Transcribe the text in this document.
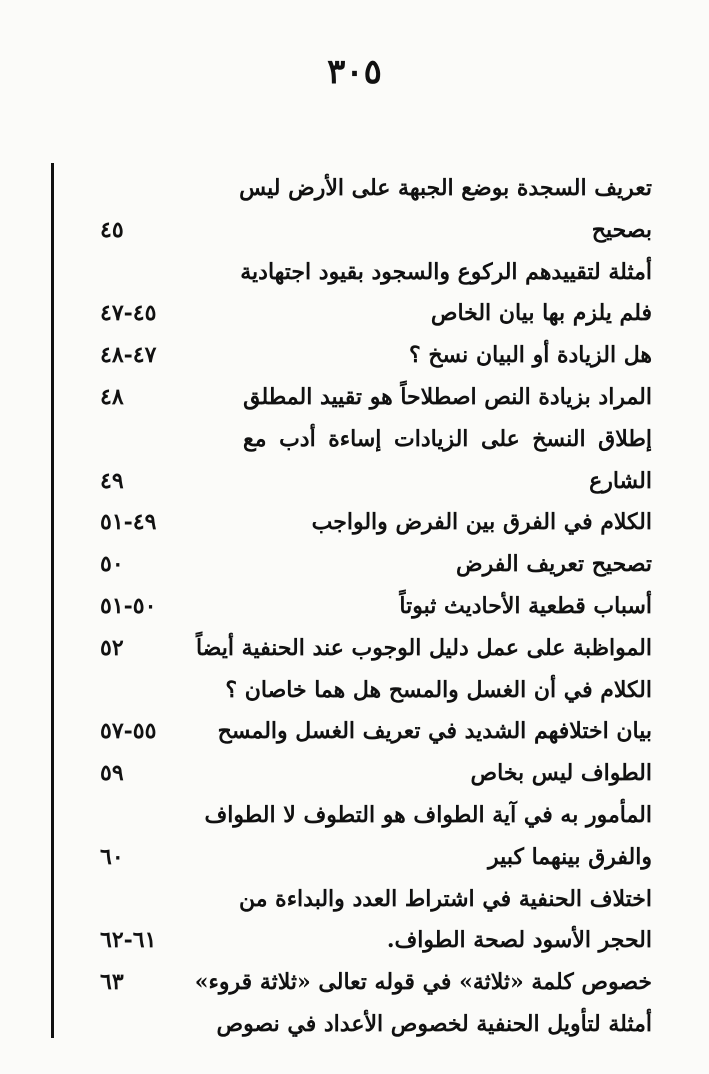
٣٠٥
تعريف السجدة بوضع الجبهة على الأرض ليس
بصحيح
٤٥
أمثلة لتقييدهم الركوع والسجود بقيود اجتهادية
فلم يلزم بها بيان الخاص
٤٥-٤٧
هل الزيادة أو البيان نسخ ؟
٤٧-٤٨
المراد بزيادة النص اصطلاحاً هو تقييد المطلق
٤٨
إطلاق النسخ على الزيادات إساءة أدب مع
الشارع
٤٩
الكلام في الفرق بين الفرض والواجب
٤٩-٥١
تصحيح تعريف الفرض
٥٠
أسباب قطعية الأحاديث ثبوتاً
٥٠-٥١
المواظبة على عمل دليل الوجوب عند الحنفية أيضاً
٥٢
الكلام في أن الغسل والمسح هل هما خاصان ؟
بيان اختلافهم الشديد في تعريف الغسل والمسح
٥٥-٥٧
الطواف ليس بخاص
٥٩
المأمور به في آية الطواف هو التطوف لا الطواف
والفرق بينهما كبير
٦٠
اختلاف الحنفية في اشتراط العدد والبداءة من
الحجر الأسود لصحة الطواف.
٦١-٦٢
خصوص كلمة «ثلاثة» في قوله تعالى «ثلاثة قروء»
٦٣
أمثلة لتأويل الحنفية لخصوص الأعداد في نصوص
